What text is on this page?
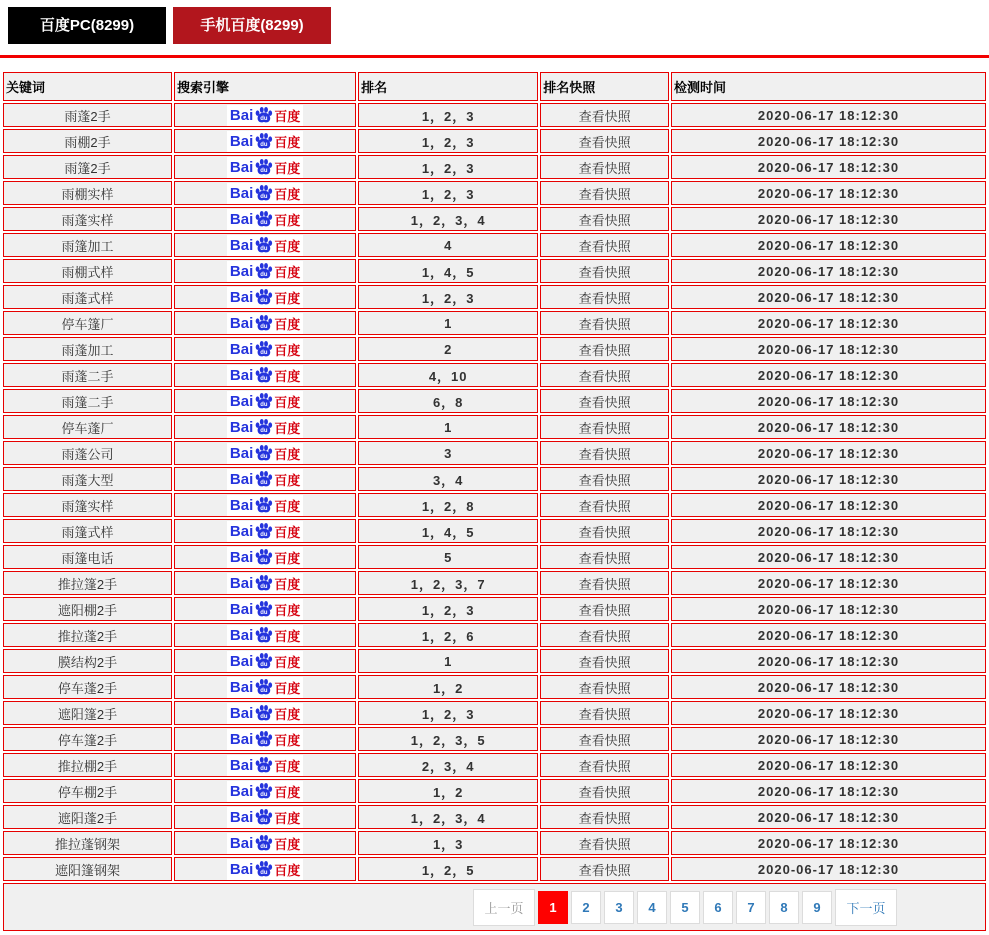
百度PC(8299)	手机百度(8299)
关键词	搜索引擎	排名	排名快照	检测时间
雨蓬2手	Bai du 百度	1，2，3	查看快照	2020-06-17 18:12:30
雨棚2手	Bai du 百度	1，2，3	查看快照	2020-06-17 18:12:30
雨篷2手	Bai du 百度	1，2，3	查看快照	2020-06-17 18:12:30
雨棚实样	Bai du 百度	1，2，3	查看快照	2020-06-17 18:12:30
雨蓬实样	Bai du 百度	1，2，3，4	查看快照	2020-06-17 18:12:30
雨篷加工	Bai du 百度	4	查看快照	2020-06-17 18:12:30
雨棚式样	Bai du 百度	1，4，5	查看快照	2020-06-17 18:12:30
雨蓬式样	Bai du 百度	1，2，3	查看快照	2020-06-17 18:12:30
停车篷厂	Bai du 百度	1	查看快照	2020-06-17 18:12:30
雨蓬加工	Bai du 百度	2	查看快照	2020-06-17 18:12:30
雨蓬二手	Bai du 百度	4，10	查看快照	2020-06-17 18:12:30
雨篷二手	Bai du 百度	6，8	查看快照	2020-06-17 18:12:30
停车蓬厂	Bai du 百度	1	查看快照	2020-06-17 18:12:30
雨蓬公司	Bai du 百度	3	查看快照	2020-06-17 18:12:30
雨蓬大型	Bai du 百度	3，4	查看快照	2020-06-17 18:12:30
雨篷实样	Bai du 百度	1，2，8	查看快照	2020-06-17 18:12:30
雨篷式样	Bai du 百度	1，4，5	查看快照	2020-06-17 18:12:30
雨篷电话	Bai du 百度	5	查看快照	2020-06-17 18:12:30
推拉篷2手	Bai du 百度	1，2，3，7	查看快照	2020-06-17 18:12:30
遮阳棚2手	Bai du 百度	1，2，3	查看快照	2020-06-17 18:12:30
推拉蓬2手	Bai du 百度	1，2，6	查看快照	2020-06-17 18:12:30
膜结构2手	Bai du 百度	1	查看快照	2020-06-17 18:12:30
停车蓬2手	Bai du 百度	1，2	查看快照	2020-06-17 18:12:30
遮阳篷2手	Bai du 百度	1，2，3	查看快照	2020-06-17 18:12:30
停车篷2手	Bai du 百度	1，2，3，5	查看快照	2020-06-17 18:12:30
推拉棚2手	Bai du 百度	2，3，4	查看快照	2020-06-17 18:12:30
停车棚2手	Bai du 百度	1，2	查看快照	2020-06-17 18:12:30
遮阳蓬2手	Bai du 百度	1，2，3，4	查看快照	2020-06-17 18:12:30
推拉蓬钢架	Bai du 百度	1，3	查看快照	2020-06-17 18:12:30
遮阳篷钢架	Bai du 百度	1，2，5	查看快照	2020-06-17 18:12:30

上一页	1	2	3	4	5	6	7	8	9	下一页
